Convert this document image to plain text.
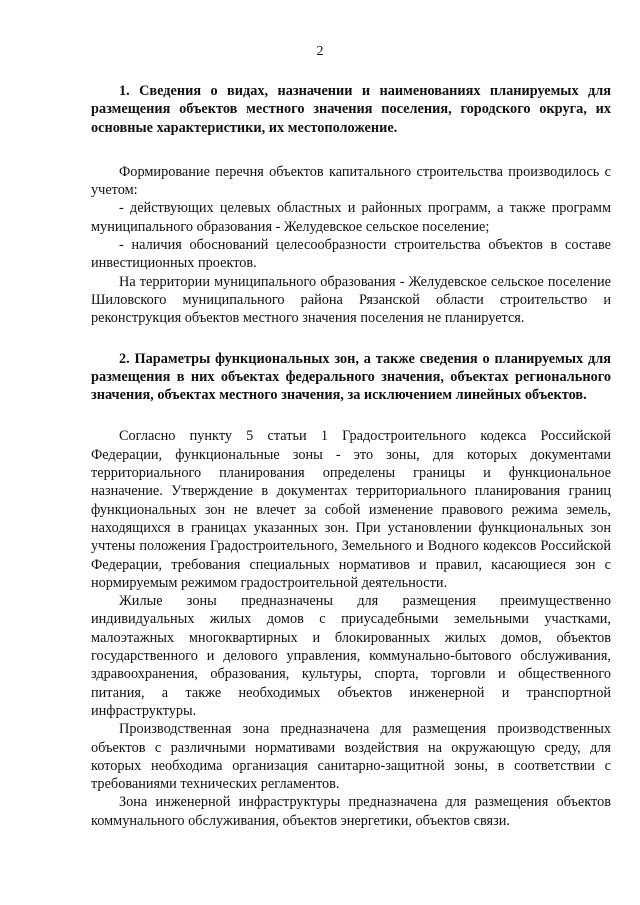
2

1. Сведения о видах, назначении и наименованиях планируемых для размещения объектов местного значения поселения, городского округа, их основные характеристики, их местоположение.

Формирование перечня объектов капитального строительства производилось с учетом:

- действующих целевых областных и районных программ, а также программ муниципального образования - Желудевское сельское поселение;

- наличия обоснований целесообразности строительства объектов в составе инвестиционных проектов.

На территории муниципального образования - Желудевское сельское поселение Шиловского муниципального района Рязанской области строительство и реконструкция объектов местного значения поселения не планируется.

2. Параметры функциональных зон, а также сведения о планируемых для размещения в них объектах федерального значения, объектах регионального значения, объектах местного значения, за исключением линейных объектов.

Согласно пункту 5 статьи 1 Градостроительного кодекса Российской Федерации, функциональные зоны - это зоны, для которых документами территориального планирования определены границы и функциональное назначение. Утверждение в документах территориального планирования границ функциональных зон не влечет за собой изменение правового режима земель, находящихся в границах указанных зон. При установлении функциональных зон учтены положения Градостроительного, Земельного и Водного кодексов Российской Федерации, требования специальных нормативов и правил, касающиеся зон с нормируемым режимом градостроительной деятельности.

Жилые зоны предназначены для размещения преимущественно индивидуальных жилых домов с приусадебными земельными участками, малоэтажных многоквартирных и блокированных жилых домов, объектов государственного и делового управления, коммунально-бытового обслуживания, здравоохранения, образования, культуры, спорта, торговли и общественного питания, а также необходимых объектов инженерной и транспортной инфраструктуры.

Производственная зона предназначена для размещения производственных объектов с различными нормативами воздействия на окружающую среду, для которых необходима организация санитарно-защитной зоны, в соответствии с требованиями технических регламентов.

Зона инженерной инфраструктуры предназначена для размещения объектов коммунального обслуживания, объектов энергетики, объектов связи.
